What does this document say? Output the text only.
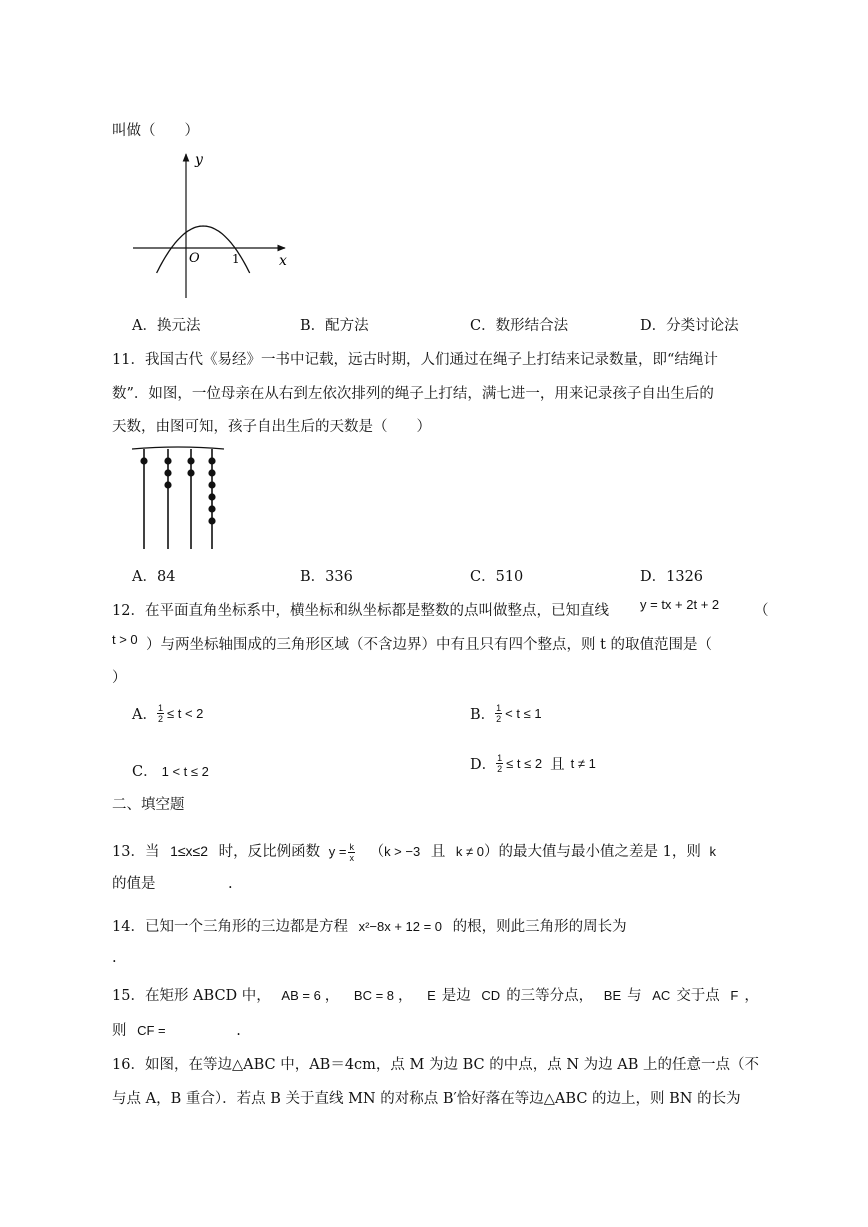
叫做（　　）
y
x
O	1
A．换元法	B．配方法	C．数形结合法	D．分类讨论法
11．我国古代《易经》一书中记载，远古时期，人们通过在绳子上打结来记录数量，即“结绳计
数”．如图，一位母亲在从右到左依次排列的绳子上打结，满七进一，用来记录孩子自出生后的
天数，由图可知，孩子自出生后的天数是（　　）
A．84	B．336	C．510	D．1326
12．在平面直角坐标系中，横坐标和纵坐标都是整数的点叫做整点，已知直线 y = tx + 2t + 2 （
t > 0 ）与两坐标轴围成的三角形区域（不含边界）中有且只有四个整点，则 t 的取值范围是（
）
A． $\frac{1}{2} \le t < 2$	B． $\frac{1}{2} < t \le 1$
C． 1 < t ≤ 2	D． $\frac{1}{2} \le t \le 2$ 且 t ≠ 1
二、填空题
13．当 1≤x≤2 时，反比例函数 $y = \frac{k}{x} (k > -3$ 且 k ≠ 0）的最大值与最小值之差是 1，则 k
的值是　　　　　.
14．已知一个三角形的三边都是方程 x²−8x + 12 = 0 的根，则此三角形的周长为
.
15．在矩形 ABCD 中， AB = 6 ， BC = 8 ， E 是边 CD 的三等分点， BE 与 AC 交于点 F ，
则 CF =	.
16．如图，在等边△ABC 中，AB＝4cm，点 M 为边 BC 的中点，点 N 为边 AB 上的任意一点（不
与点 A，B 重合）．若点 B 关于直线 MN 的对称点 B′恰好落在等边△ABC 的边上，则 BN 的长为
